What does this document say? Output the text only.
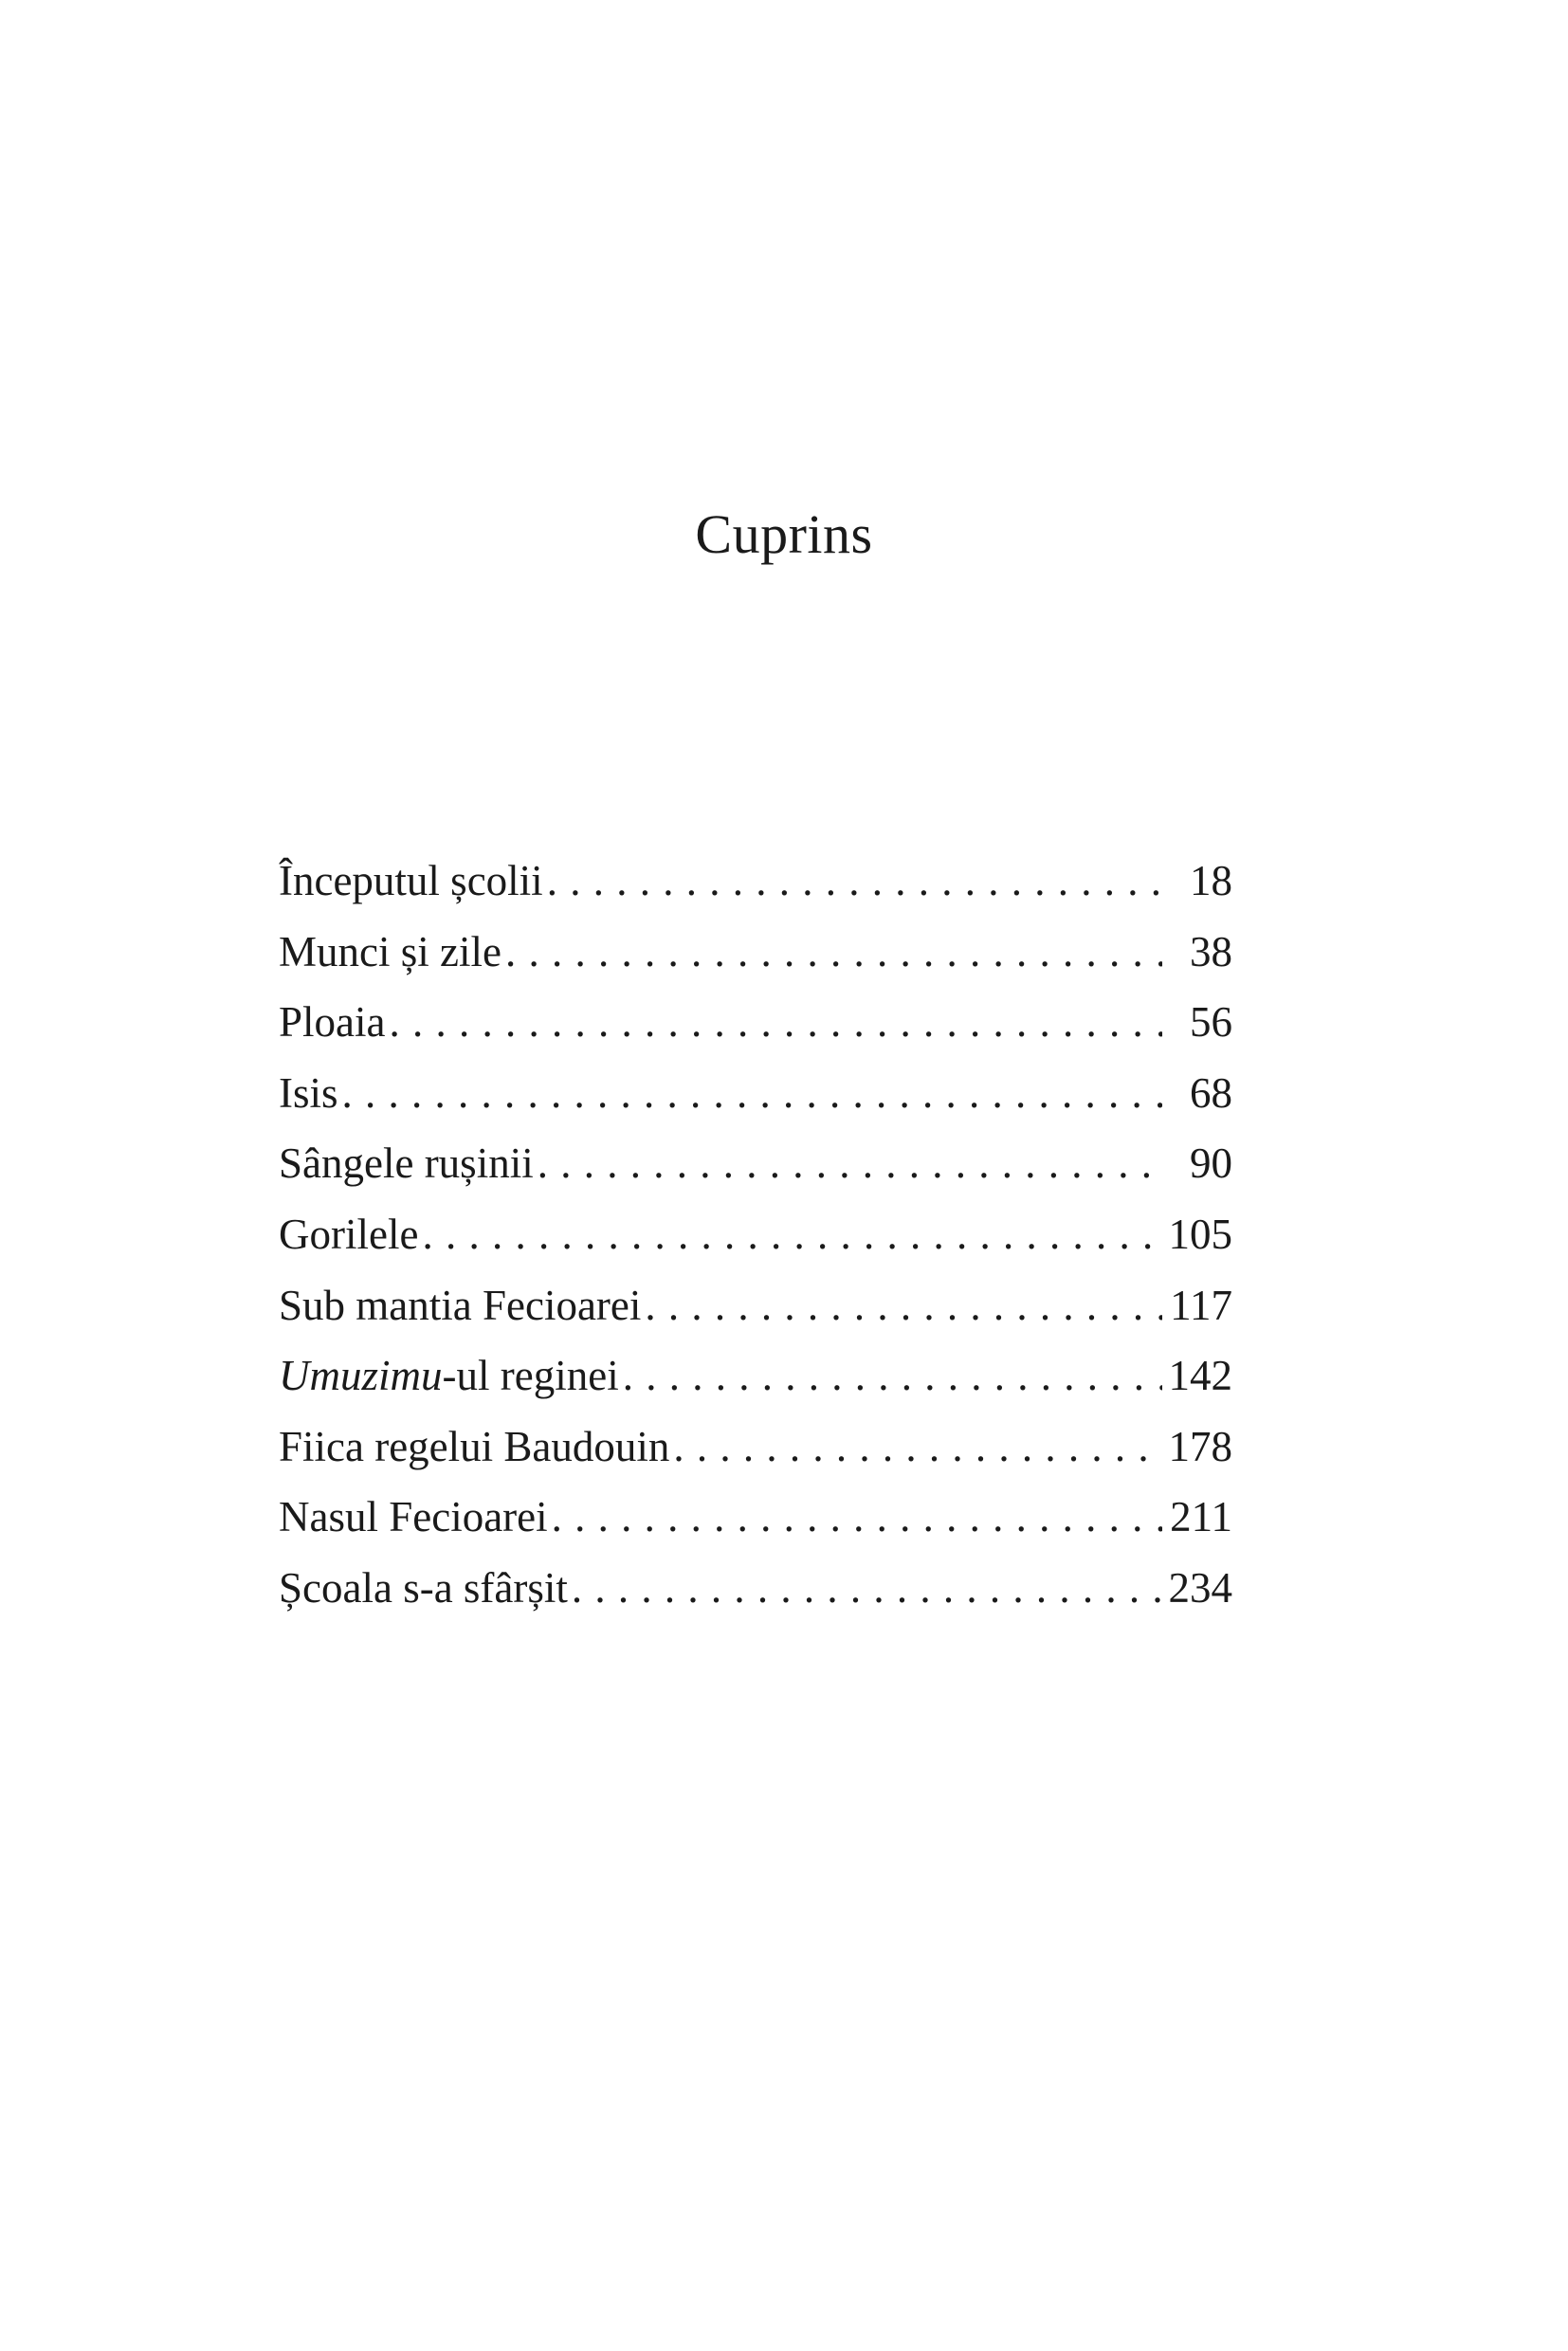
Cuprins
Începutul școlii . . .	18
Munci și zile . . .	38
Ploaia . . .	56
Isis . . .	68
Sângele rușinii . . .	90
Gorilele . . .	105
Sub mantia Fecioarei . . .	117
Umuzimu-ul reginei . . .	142
Fiica regelui Baudouin . . .	178
Nasul Fecioarei . . .	211
Școala s-a sfârșit . . .	234
